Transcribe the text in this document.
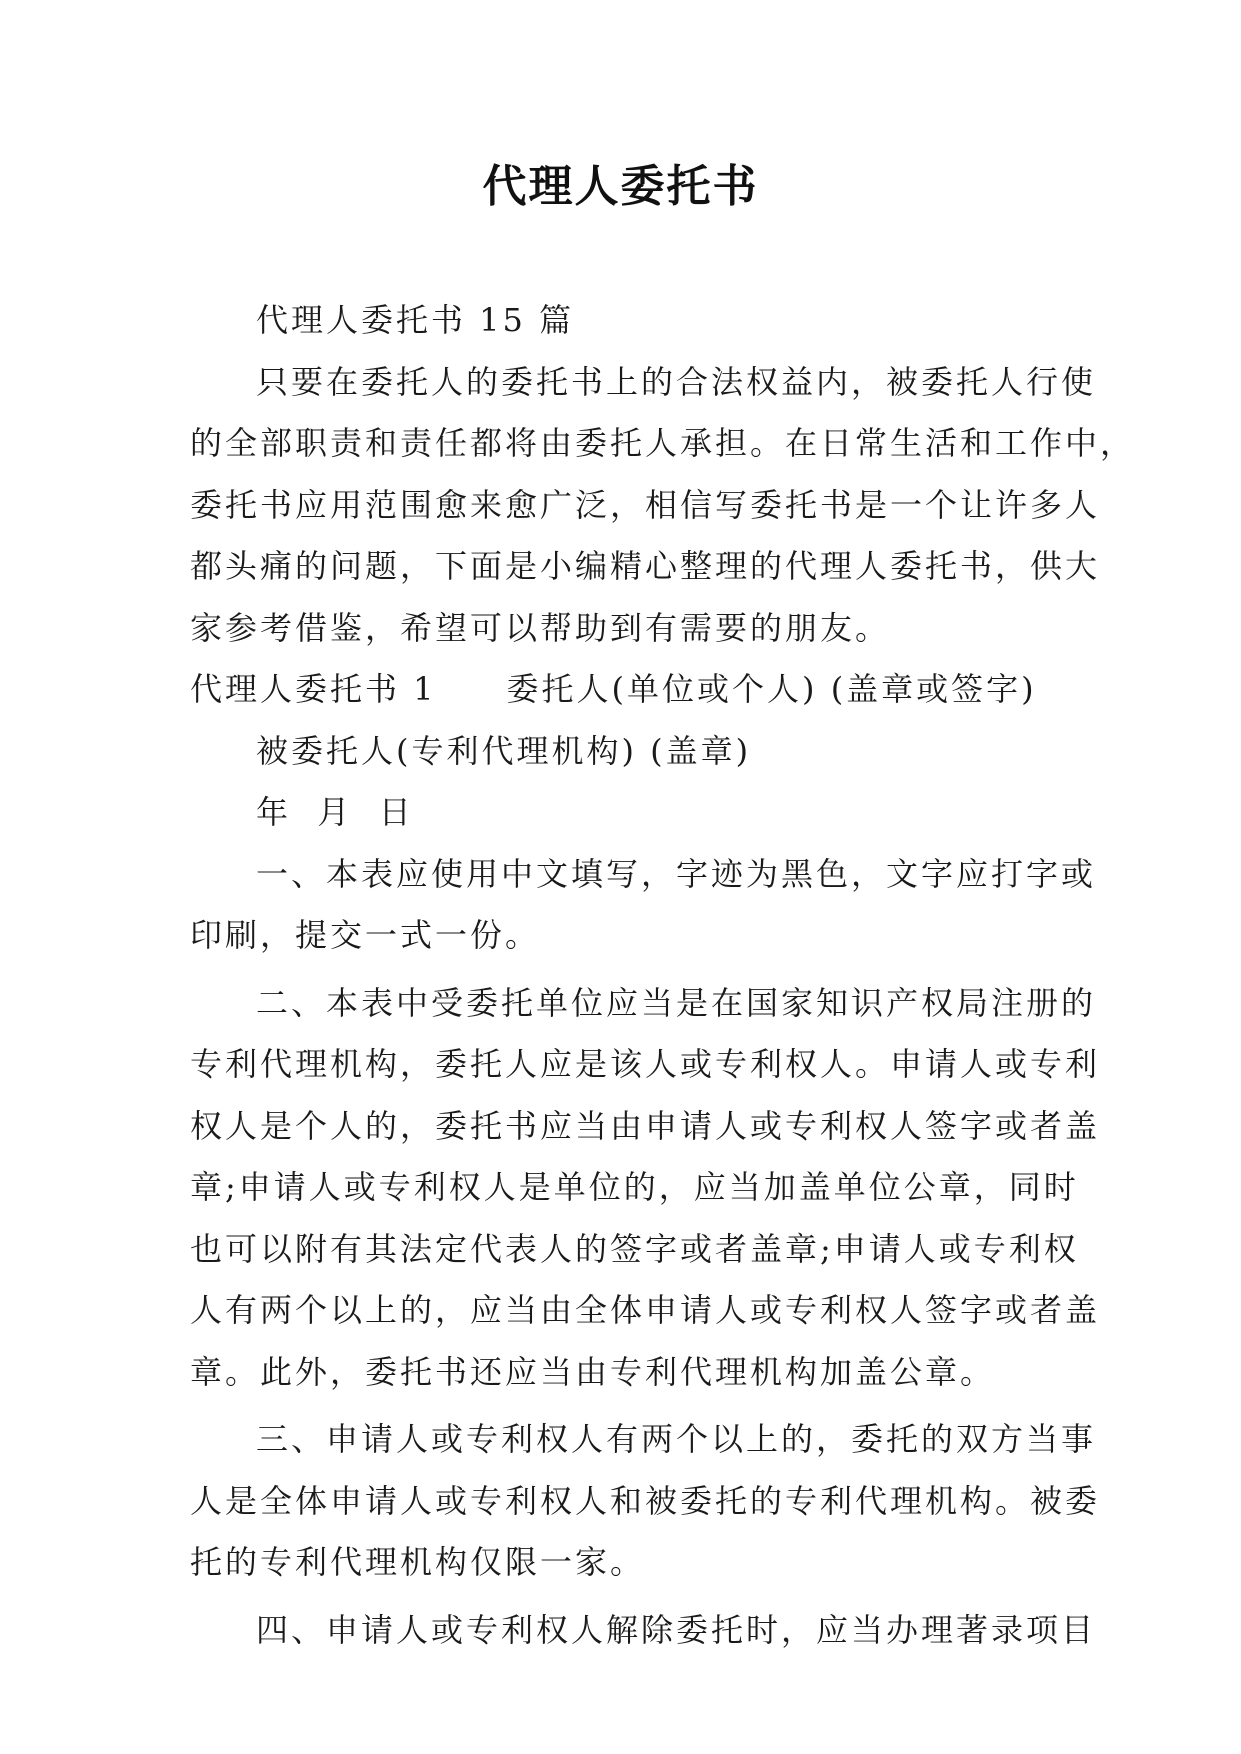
代理人委托书
代理人委托书 15 篇
只要在委托人的委托书上的合法权益内，被委托人行使
的全部职责和责任都将由委托人承担。在日常生活和工作中，
委托书应用范围愈来愈广泛，相信写委托书是一个让许多人
都头痛的问题，下面是小编精心整理的代理人委托书，供大
家参考借鉴，希望可以帮助到有需要的朋友。
代理人委托书 1 委托人(单位或个人) (盖章或签字)
被委托人(专利代理机构) (盖章)
年  月  日
一、本表应使用中文填写，字迹为黑色，文字应打字或
印刷，提交一式一份。
二、本表中受委托单位应当是在国家知识产权局注册的
专利代理机构，委托人应是该人或专利权人。申请人或专利
权人是个人的，委托书应当由申请人或专利权人签字或者盖
章;申请人或专利权人是单位的，应当加盖单位公章，同时
也可以附有其法定代表人的签字或者盖章;申请人或专利权
人有两个以上的，应当由全体申请人或专利权人签字或者盖
章。此外，委托书还应当由专利代理机构加盖公章。
三、申请人或专利权人有两个以上的，委托的双方当事
人是全体申请人或专利权人和被委托的专利代理机构。被委
托的专利代理机构仅限一家。
四、申请人或专利权人解除委托时，应当办理著录项目
